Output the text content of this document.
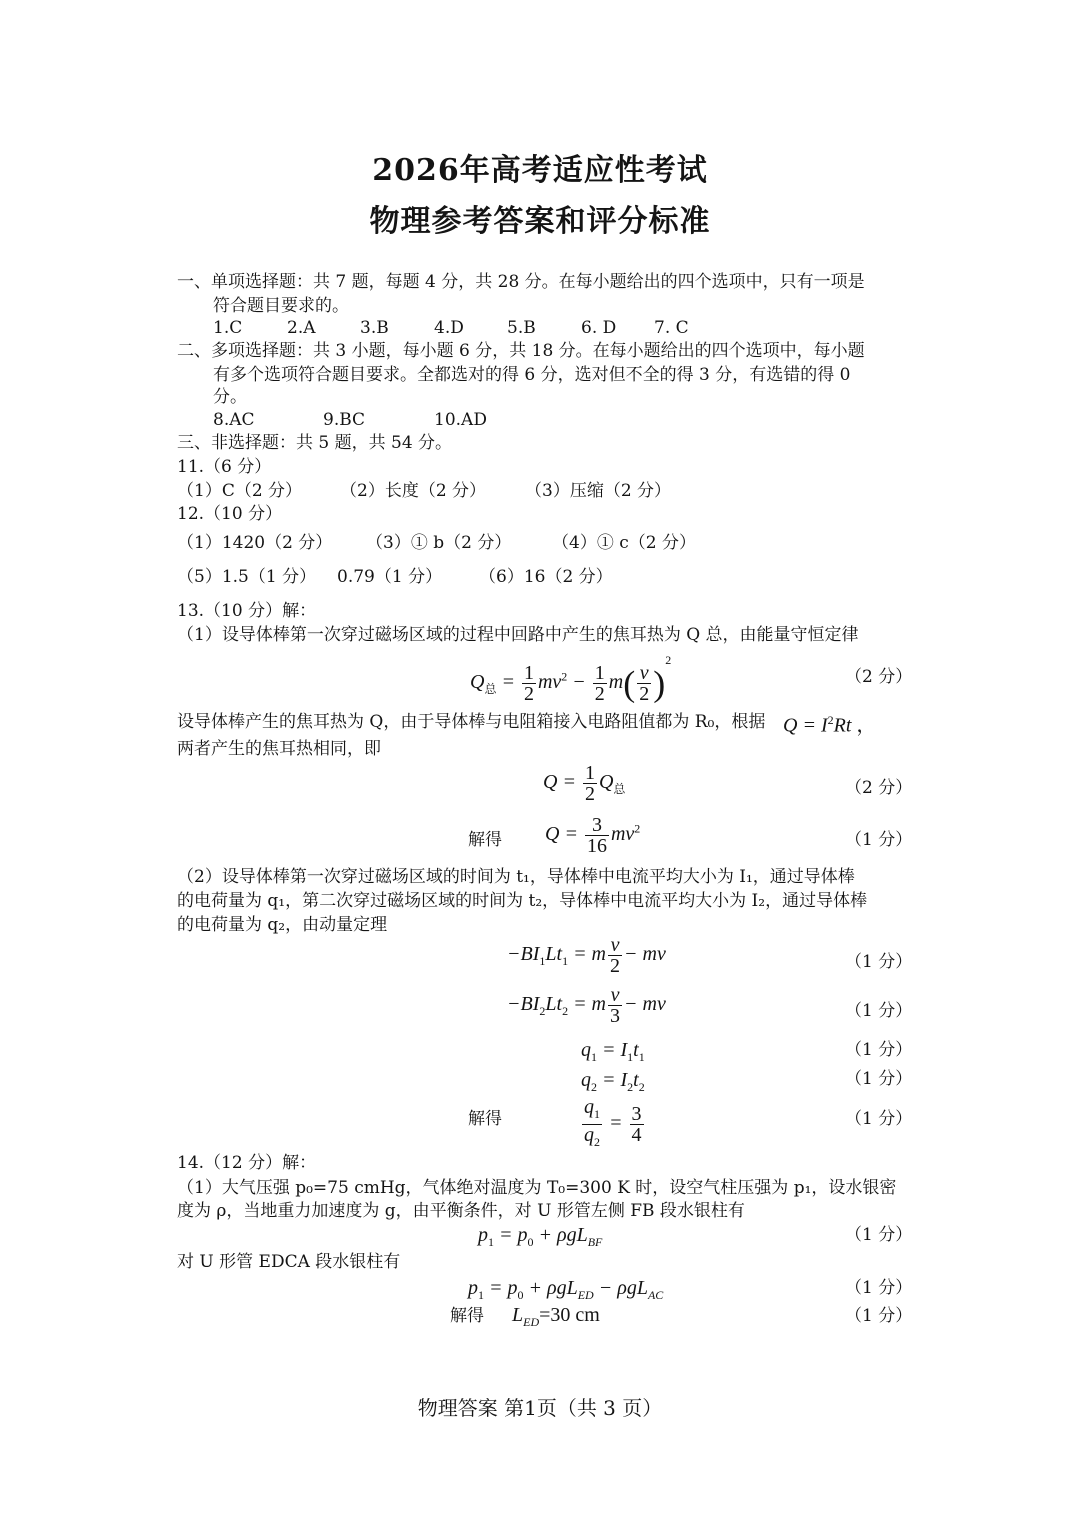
2026年高考适应性考试
物理参考答案和评分标准
一、单项选择题：共 7 题，每题 4 分，共 28 分。在每小题给出的四个选项中，只有一项是
符合题目要求的。
1.C	2.A	3.B	4.D	5.B	6. D 7. C
二、多项选择题：共 3 小题，每小题 6 分，共 18 分。在每小题给出的四个选项中，每小题
有多个选项符合题目要求。全都选对的得 6 分，选对但不全的得 3 分，有选错的得 0
分。
8.AC	9.BC	10.AD
三、非选择题：共 5 题，共 54 分。
11.（6 分）
（1）C（2 分） （2）长度（2 分） （3）压缩（2 分）
12.（10 分）
（1）1420（2 分） （3）① b（2 分） （4）① c（2 分）
（5）1.5（1 分） 0.79（1 分） （6）16（2 分）
13.（10 分）解：
（1）设导体棒第一次穿过磁场区域的过程中回路中产生的焦耳热为 Q 总，由能量守恒定律
$Q_总 = \frac{1}{2} mv^2 - \frac{1}{2} m( \frac{v}{2} )^2$
（2 分）
设导体棒产生的焦耳热为 Q，由于导体棒与电阻箱接入电路阻值都为 R₀，根据 $Q = I^2Rt$ ，
两者产生的焦耳热相同，即
$Q = \frac{1}{2} Q_总$	（2 分）
解得 $Q = \frac{3}{16} mv^2$
（1 分）
（2）设导体棒第一次穿过磁场区域的时间为 t₁，导体棒中电流平均大小为 I₁，通过导体棒
的电荷量为 q₁，第二次穿过磁场区域的时间为 t₂，导体棒中电流平均大小为 I₂，通过导体棒
的电荷量为 q₂，由动量定理
$-BI_1Lt_1 = m \frac{v}{2}$ − mv	（1 分）
$-BI_2Lt_2 = m \frac{v}{3}$ − mv	（1 分）
$q_1 = I_1t_1$	（1 分）
$q_2 = I_2t_2$	（1 分）
解得	$\frac{q_1}{q_2} = \frac{3}{4}$	（1 分）
14.（12 分）解：
（1）大气压强 p₀=75 cmHg，气体绝对温度为 T₀=300 K 时，设空气柱压强为 p₁，设水银密
度为 ρ，当地重力加速度为 g，由平衡条件，对 U 形管左侧 FB 段水银柱有
$p_1 = p_0 + \rho gL_{BF}$	（1 分）
对 U 形管 EDCA 段水银柱有
$p_1 = p_0 + \rho gL_{ED} - \rho gL_{AC}$	（1 分）
解得 $L_{ED}=30$ cm	（1 分）
物理答案 第1页（共 3 页）
